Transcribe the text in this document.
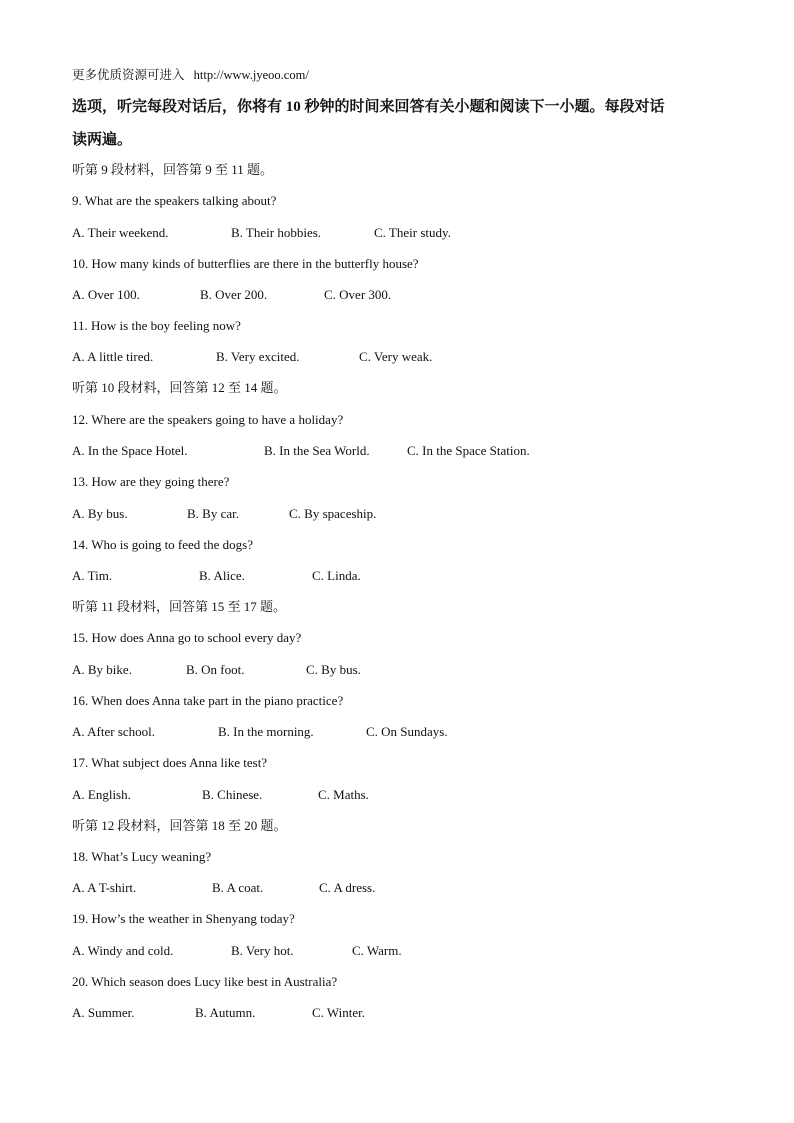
更多优质资源可进入 http://www.jyeoo.com/
选项，听完每段对话后，你将有 10 秒钟的时间来回答有关小题和阅读下一小题。每段对话
读两遍。
听第 9 段材料，回答第 9 至 11 题。
9. What are the speakers talking about?
A. Their weekend.	B. Their hobbies.	C. Their study.
10. How many kinds of butterflies are there in the butterfly house?
A. Over 100.	B. Over 200.	C. Over 300.
11. How is the boy feeling now?
A. A little tired.	B. Very excited.	C. Very weak.
听第 10 段材料，回答第 12 至 14 题。
12. Where are the speakers going to have a holiday?
A. In the Space Hotel.	B. In the Sea World.	C. In the Space Station.
13. How are they going there?
A. By bus.	B. By car.	C. By spaceship.
14. Who is going to feed the dogs?
A. Tim.	B. Alice.	C. Linda.
听第 11 段材料，回答第 15 至 17 题。
15. How does Anna go to school every day?
A. By bike.	B. On foot.	C. By bus.
16. When does Anna take part in the piano practice?
A. After school.	B. In the morning.	C. On Sundays.
17. What subject does Anna like test?
A. English.	B. Chinese.	C. Maths.
听第 12 段材料，回答第 18 至 20 题。
18. What’s Lucy weaning?
A. A T-shirt.	B. A coat.	C. A dress.
19. How’s the weather in Shenyang today?
A. Windy and cold.	B. Very hot.	C. Warm.
20. Which season does Lucy like best in Australia?
A. Summer.	B. Autumn.	C. Winter.
